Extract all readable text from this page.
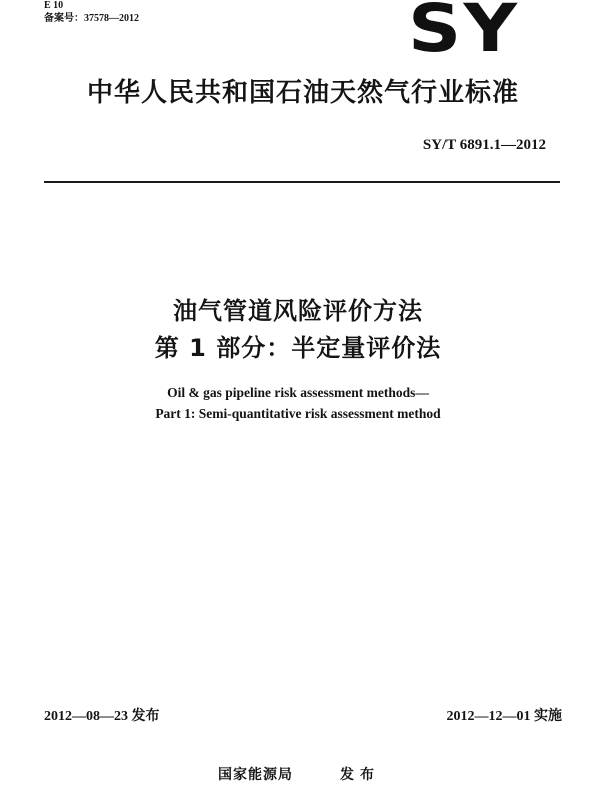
E 10
备案号：37578—2012	SY
中华人民共和国石油天然气行业标准
SY/T 6891.1—2012
油气管道风险评价方法
第 1 部分：半定量评价法
Oil & gas pipeline risk assessment methods—
Part 1: Semi-quantitative risk assessment method
2012—08—23 发布	2012—12—01 实施
国家能源局	发布
